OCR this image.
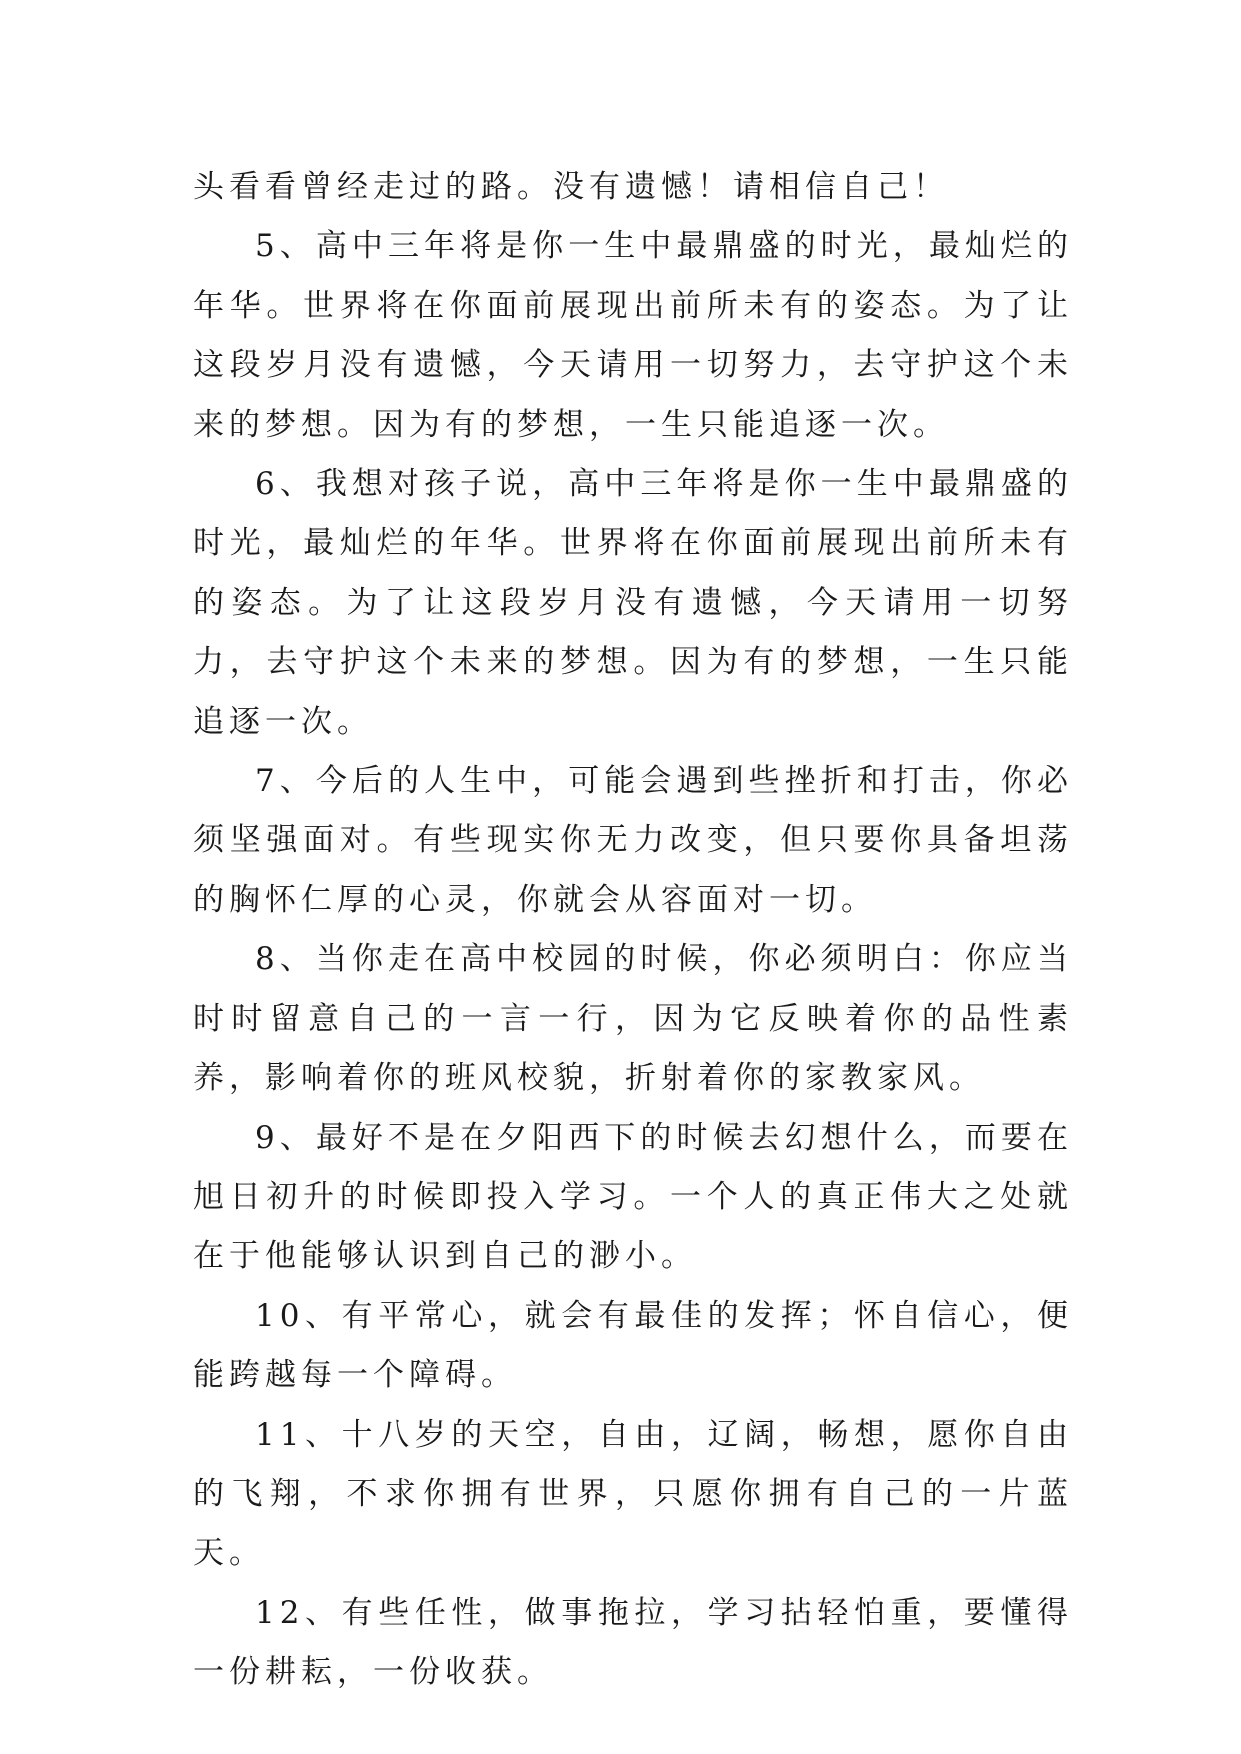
头看看曾经走过的路。没有遗憾！请相信自己！

5、高中三年将是你一生中最鼎盛的时光，最灿烂的年华。世界将在你面前展现出前所未有的姿态。为了让这段岁月没有遗憾，今天请用一切努力，去守护这个未来的梦想。因为有的梦想，一生只能追逐一次。

6、我想对孩子说，高中三年将是你一生中最鼎盛的时光，最灿烂的年华。世界将在你面前展现出前所未有的姿态。为了让这段岁月没有遗憾，今天请用一切努力，去守护这个未来的梦想。因为有的梦想，一生只能追逐一次。

7、今后的人生中，可能会遇到些挫折和打击，你必须坚强面对。有些现实你无力改变，但只要你具备坦荡的胸怀仁厚的心灵，你就会从容面对一切。

8、当你走在高中校园的时候，你必须明白：你应当时时留意自己的一言一行，因为它反映着你的品性素养，影响着你的班风校貌，折射着你的家教家风。

9、最好不是在夕阳西下的时候去幻想什么，而要在旭日初升的时候即投入学习。一个人的真正伟大之处就在于他能够认识到自己的渺小。

10、有平常心，就会有最佳的发挥；怀自信心，便能跨越每一个障碍。

11、十八岁的天空，自由，辽阔，畅想，愿你自由的飞翔，不求你拥有世界，只愿你拥有自己的一片蓝天。

12、有些任性，做事拖拉，学习拈轻怕重，要懂得一份耕耘，一份收获。
